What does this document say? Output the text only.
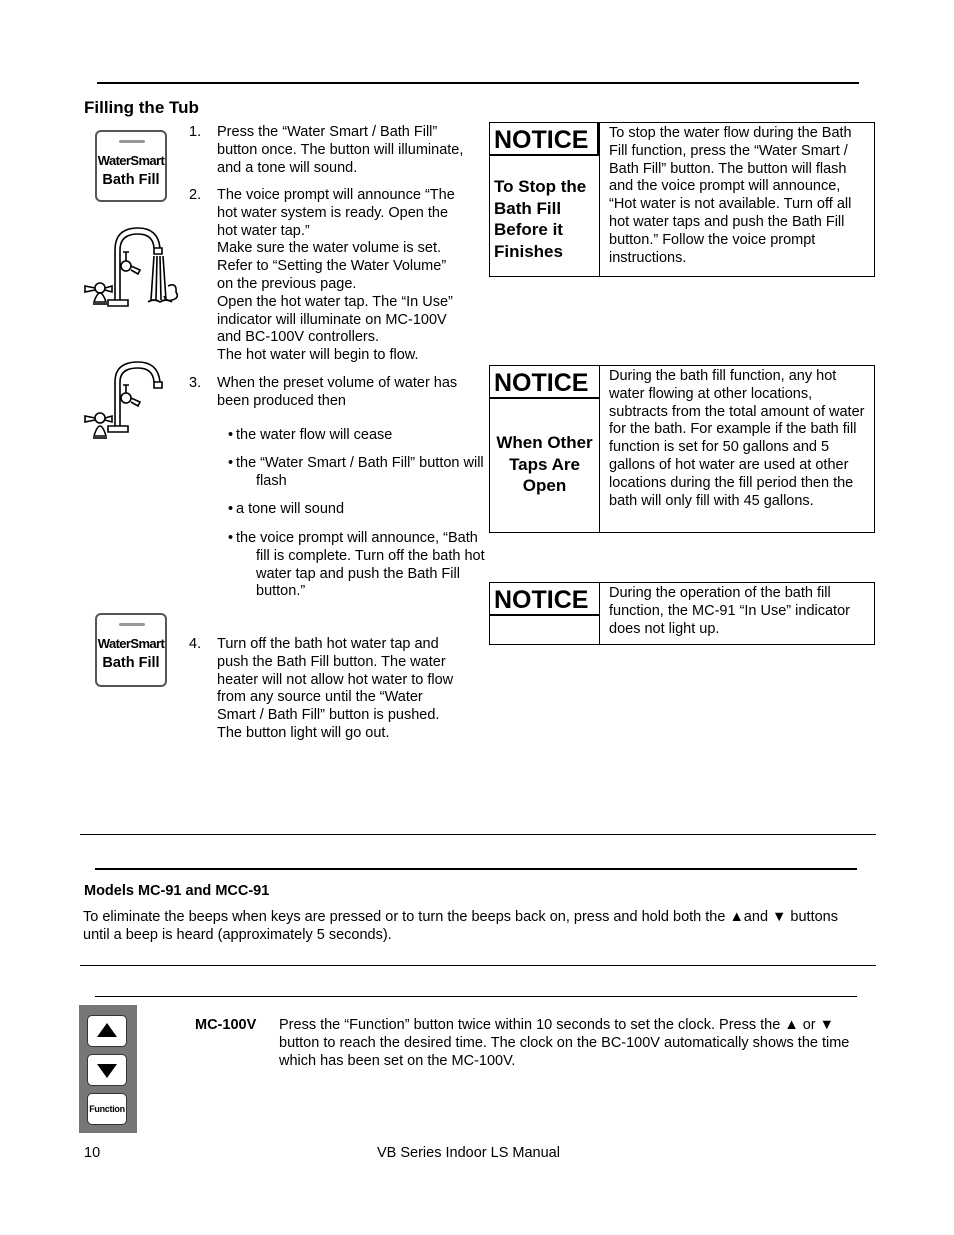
Filling the Tub
WaterSmart
Bath Fill
WaterSmart
Bath Fill
1. Press the “Water Smart / Bath Fill” button once. The button will illuminate, and a tone will sound.
2. The voice prompt will announce “The hot water system is ready. Open the hot water tap.”
Make sure the water volume is set. Refer to “Setting the Water Volume” on the previous page.
Open the hot water tap. The “In Use” indicator will illuminate on MC-100V and BC-100V controllers.
The hot water will begin to flow.
3. When the preset volume of water has been produced then
• the water flow will cease
• the “Water Smart / Bath Fill” button will flash
• a tone will sound
• the voice prompt will announce, “Bath fill is complete. Turn off the bath hot water tap and push the Bath Fill button.”
4. Turn off the bath hot water tap and push the Bath Fill button. The water heater will not allow hot water to flow from any source until the “Water Smart / Bath Fill” button is pushed.
The button light will go out.
NOTICE
To Stop the Bath Fill Before it Finishes
To stop the water flow during the Bath Fill function, press the “Water Smart / Bath Fill” button. The button will flash and the voice prompt will announce, “Hot water is not available. Turn off all hot water taps and push the Bath Fill button.” Follow the voice prompt instructions.
NOTICE
When Other Taps Are Open
During the bath fill function, any hot water flowing at other locations, subtracts from the total amount of water for the bath. For example if the bath fill function is set for 50 gallons and 5 gallons of hot water are used at other locations during the fill period then the bath will only fill with 45 gallons.
NOTICE	During the operation of the bath fill function, the MC-91 “In Use” indicator does not light up.
Models MC-91 and MCC-91
To eliminate the beeps when keys are pressed or to turn the beeps back on, press and hold both the ▲and ▼ buttons until a beep is heard (approximately 5 seconds).
Function
MC-100V Press the “Function” button twice within 10 seconds to set the clock. Press the ▲ or ▼ button to reach the desired time. The clock on the BC-100V automatically shows the time which has been set on the MC-100V.
10	VB Series Indoor LS Manual
